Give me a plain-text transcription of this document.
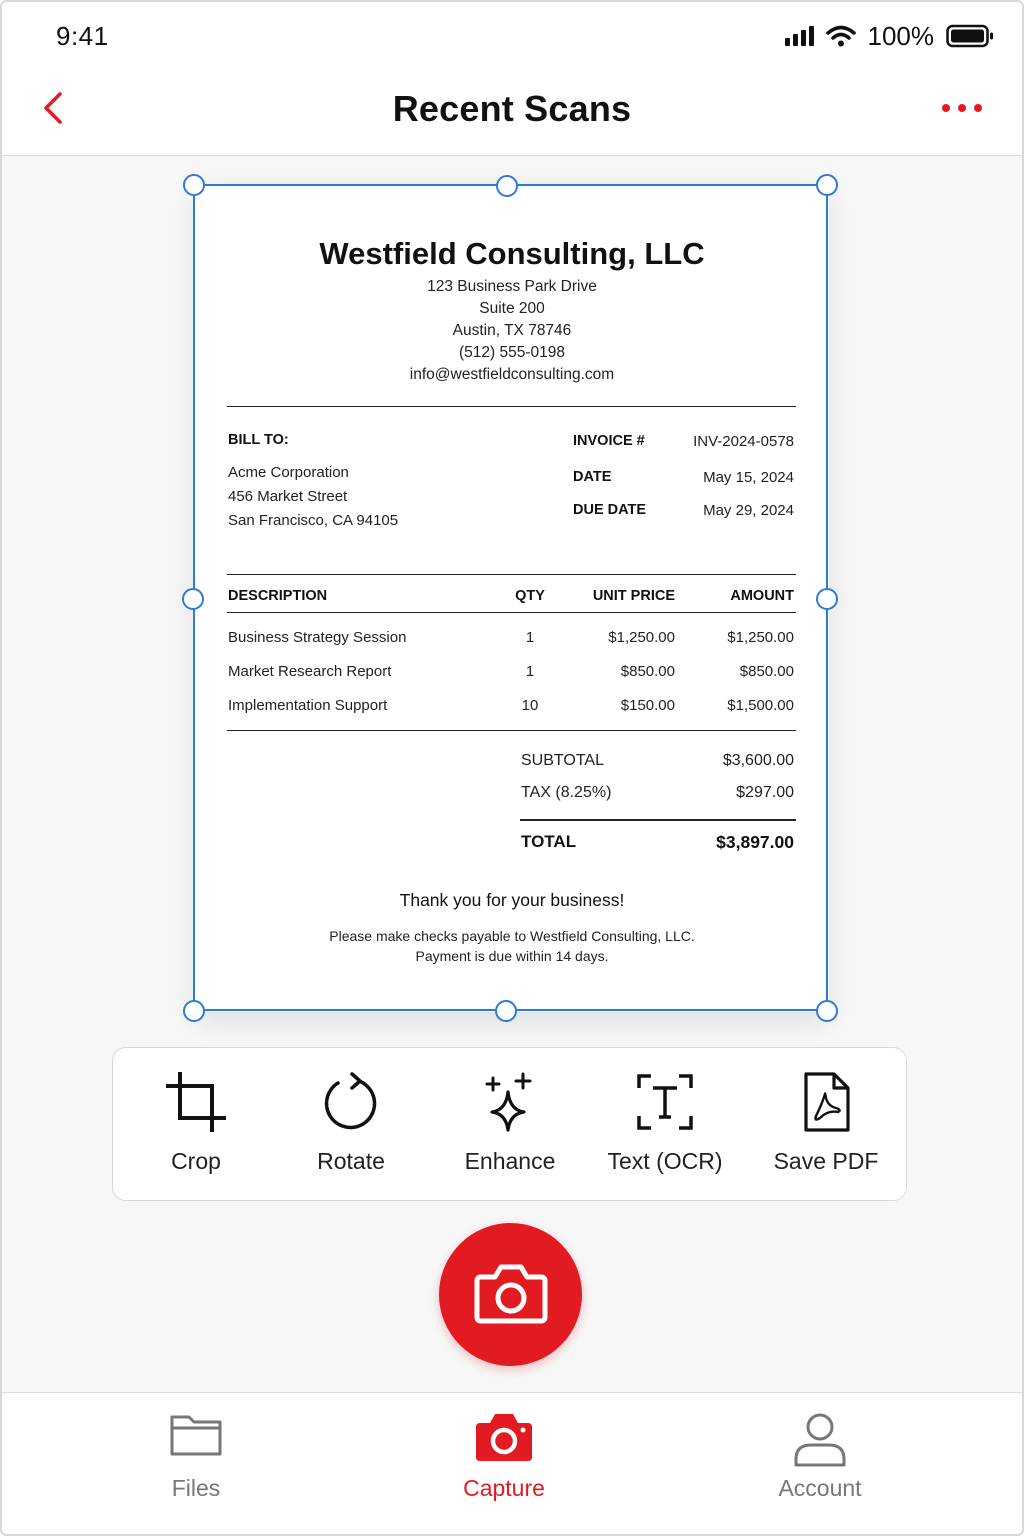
9:41	100%
Recent Scans
Westfield Consulting, LLC
123 Business Park Drive
Suite 200
Austin, TX 78746
(512) 555-0198
info@westfieldconsulting.com
BILL TO:
Acme Corporation
456 Market Street
San Francisco, CA 94105
INVOICE #	INV-2024-0578
DATE	May 15, 2024
DUE DATE	May 29, 2024
DESCRIPTION	QTY	UNIT PRICE	AMOUNT
Business Strategy Session	1	$1,250.00	$1,250.00
Market Research Report	1	$850.00	$850.00
Implementation Support	10	$150.00	$1,500.00
SUBTOTAL	$3,600.00
TAX (8.25%)	$297.00
TOTAL	$3,897.00
Thank you for your business!
Please make checks payable to Westfield Consulting, LLC.
Payment is due within 14 days.
Crop	Rotate	Enhance	Text (OCR)	Save PDF
Files	Capture	Account
